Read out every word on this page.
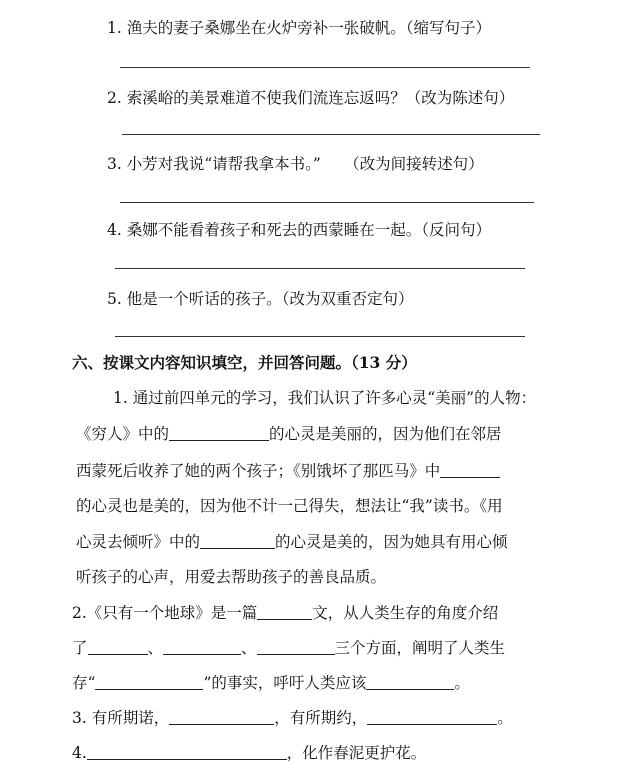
1. 渔夫的妻子桑娜坐在火炉旁补一张破帆。（缩写句子）
2. 索溪峪的美景难道不使我们流连忘返吗？（改为陈述句）
3. 小芳对我说“请帮我拿本书。”　　（改为间接转述句）
4. 桑娜不能看着孩子和死去的西蒙睡在一起。（反问句）
5. 他是一个听话的孩子。（改为双重否定句）
六、按课文内容知识填空，并回答问题。（13 分）
1. 通过前四单元的学习，我们认识了许多心灵“美丽”的人物：
《穷人》中的	的心灵是美丽的，因为他们在邻居
西蒙死后收养了她的两个孩子；《别饿坏了那匹马》中
的心灵也是美的，因为他不计一己得失，想法让“我”读书。《用
心灵去倾听》中的	的心灵是美的，因为她具有用心倾
听孩子的心声，用爱去帮助孩子的善良品质。
2.《只有一个地球》是一篇	文，从人类生存的角度介绍
了	、	、	三个方面，阐明了人类生
存“	”的事实，呼吁人类应该	。
3. 有所期诺，	，有所期约，	。
4.	，化作春泥更护花。
